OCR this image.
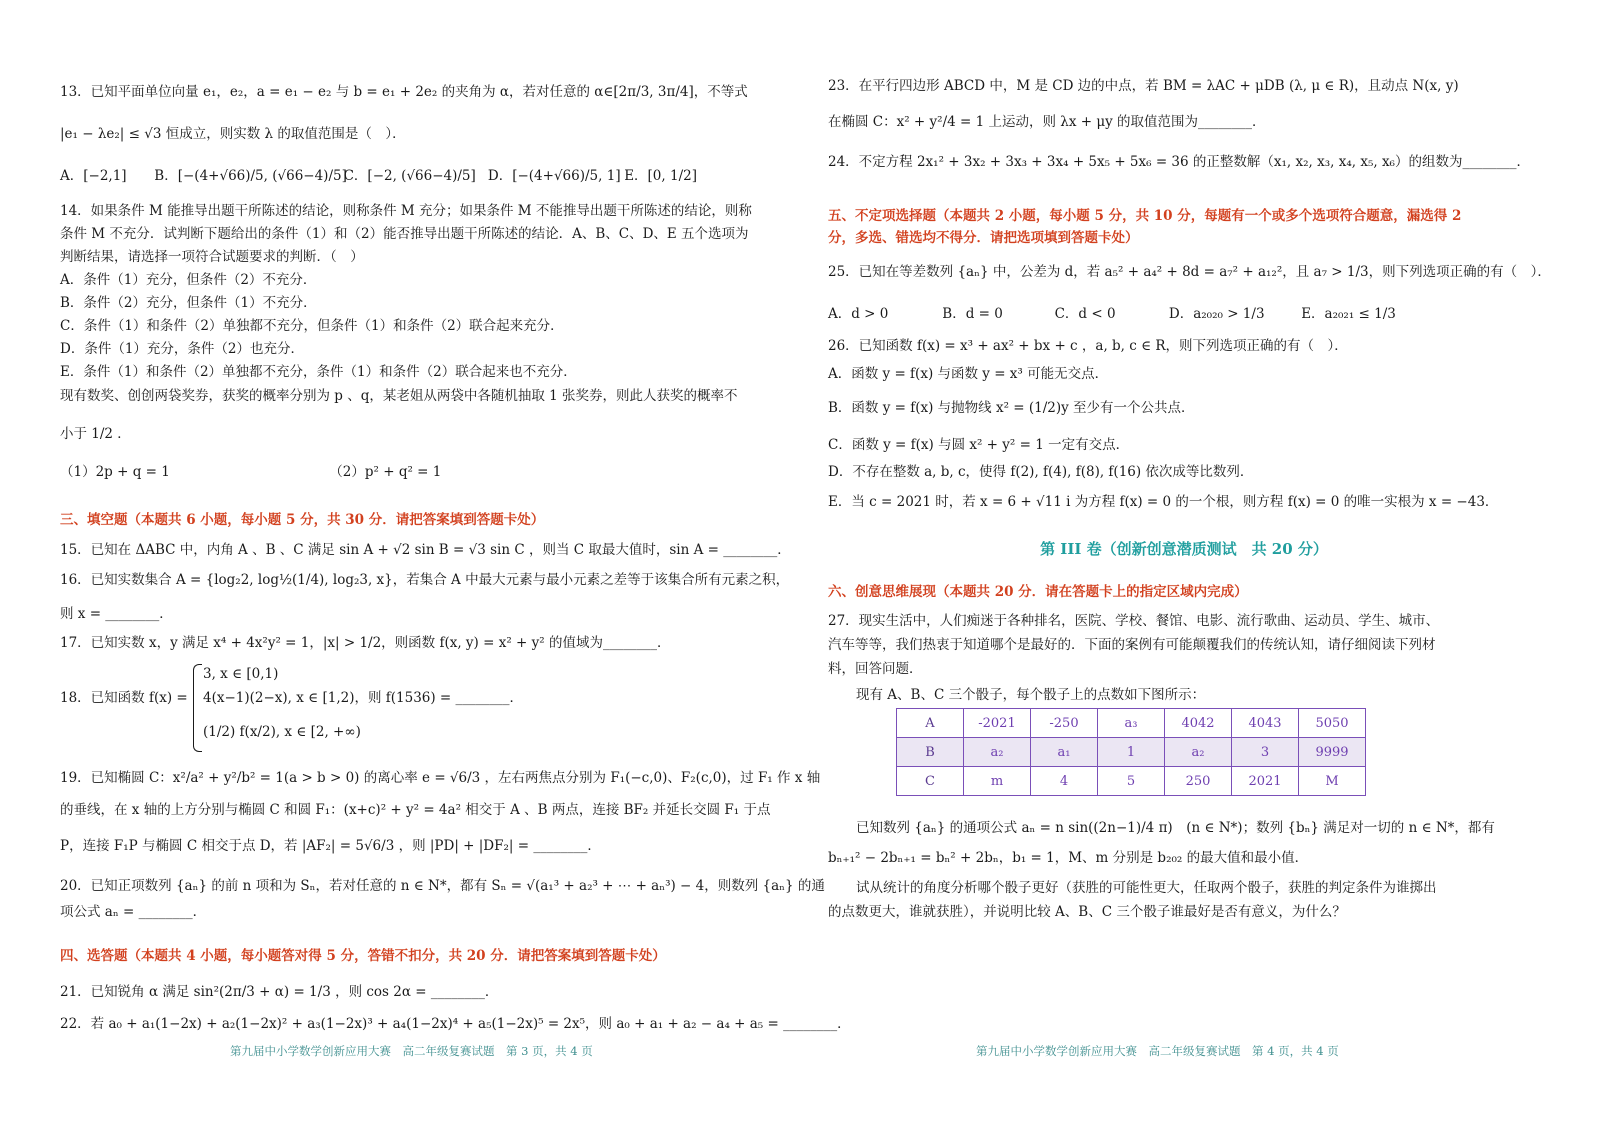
13．已知平面单位向量 e₁，e₂，a = e₁ − e₂ 与 b = e₁ + 2e₂ 的夹角为 α，若对任意的 α∈[2π/3, 3π/4]，不等式
|e₁ − λe₂| ≤ √3 恒成立，则实数 λ 的取值范围是（　）．
A．[−2,1] B．[−(4+√66)/5, (√66−4)/5] C．[−2, (√66−4)/5] D．[−(4+√66)/5, 1] E．[0, 1/2]
14．如果条件 M 能推导出题干所陈述的结论，则称条件 M 充分；如果条件 M 不能推导出题干所陈述的结论，则称
条件 M 不充分．试判断下题给出的条件（1）和（2）能否推导出题干所陈述的结论．A、B、C、D、E 五个选项为
判断结果，请选择一项符合试题要求的判断．（　）
A．条件（1）充分，但条件（2）不充分．
B．条件（2）充分，但条件（1）不充分．
C．条件（1）和条件（2）单独都不充分，但条件（1）和条件（2）联合起来充分．
D．条件（1）充分，条件（2）也充分．
E．条件（1）和条件（2）单独都不充分，条件（1）和条件（2）联合起来也不充分．
现有数奖、创创两袋奖券，获奖的概率分别为 p 、q，某老姐从两袋中各随机抽取 1 张奖券，则此人获奖的概率不
小于 1/2 ．
（1）2p + q = 1	（2）p² + q² = 1
三、填空题（本题共 6 小题，每小题 5 分，共 30 分．请把答案填到答题卡处）
15．已知在 ΔABC 中，内角 A 、B 、C 满足 sin A + √2 sin B = √3 sin C ，则当 C 取最大值时，sin A = ________．
16．已知实数集合 A = {log₂2, log½(1/4), log₂3, x}，若集合 A 中最大元素与最小元素之差等于该集合所有元素之积，
则 x = ________．
17．已知实数 x，y 满足 x⁴ + 4x²y² = 1，|x| > 1/2，则函数 f(x, y) = x² + y² 的值域为________．
18．已知函数 f(x) =
3, x ∈ [0,1)
4(x−1)(2−x), x ∈ [1,2)，则 f(1536) = ________．
(1/2) f(x/2), x ∈ [2, +∞)
19．已知椭圆 C：x²/a² + y²/b² = 1(a > b > 0) 的离心率 e = √6/3 ，左右两焦点分别为 F₁(−c,0)、F₂(c,0)，过 F₁ 作 x 轴
的垂线，在 x 轴的上方分别与椭圆 C 和圆 F₁：(x+c)² + y² = 4a² 相交于 A 、B 两点，连接 BF₂ 并延长交圆 F₁ 于点
P，连接 F₁P 与椭圆 C 相交于点 D，若 |AF₂| = 5√6/3 ，则 |PD| + |DF₂| = ________．
20．已知正项数列 {aₙ} 的前 n 项和为 Sₙ，若对任意的 n ∈ N*，都有 Sₙ = √(a₁³ + a₂³ + ⋯ + aₙ³) − 4，则数列 {aₙ} 的通
项公式 aₙ = ________．
四、选答题（本题共 4 小题，每小题答对得 5 分，答错不扣分，共 20 分．请把答案填到答题卡处）
21．已知锐角 α 满足 sin²(2π/3 + α) = 1/3 ，则 cos 2α = ________．
22．若 a₀ + a₁(1−2x) + a₂(1−2x)² + a₃(1−2x)³ + a₄(1−2x)⁴ + a₅(1−2x)⁵ = 2x⁵，则 a₀ + a₁ + a₂ − a₄ + a₅ = ________．
第九届中小学数学创新应用大赛　高二年级复赛试题　第 3 页，共 4 页
23．在平行四边形 ABCD 中，M 是 CD 边的中点，若 BM = λAC + μDB (λ, μ ∈ R)，且动点 N(x, y)
在椭圆 C：x² + y²/4 = 1 上运动，则 λx + μy 的取值范围为________．
24．不定方程 2x₁² + 3x₂ + 3x₃ + 3x₄ + 5x₅ + 5x₆ = 36 的正整数解（x₁, x₂, x₃, x₄, x₅, x₆）的组数为________．
五、不定项选择题（本题共 2 小题，每小题 5 分，共 10 分，每题有一个或多个选项符合题意，漏选得 2
分，多选、错选均不得分．请把选项填到答题卡处）
25．已知在等差数列 {aₙ} 中，公差为 d，若 a₅² + a₄² + 8d = a₇² + a₁₂²，且 a₇ > 1/3，则下列选项正确的有（　）．
A．d > 0	B．d = 0	C．d < 0	D．a₂₀₂₀ > 1/3	E．a₂₀₂₁ ≤ 1/3
26．已知函数 f(x) = x³ + ax² + bx + c ，a, b, c ∈ R，则下列选项正确的有（　）．
A．函数 y = f(x) 与函数 y = x³ 可能无交点．
B．函数 y = f(x) 与抛物线 x² = (1/2)y 至少有一个公共点．
C．函数 y = f(x) 与圆 x² + y² = 1 一定有交点．
D．不存在整数 a, b, c，使得 f(2), f(4), f(8), f(16) 依次成等比数列．
E．当 c = 2021 时，若 x = 6 + √11 i 为方程 f(x) = 0 的一个根，则方程 f(x) = 0 的唯一实根为 x = −43．
第 III 卷（创新创意潜质测试　共 20 分）
六、创意思维展现（本题共 20 分．请在答题卡上的指定区域内完成）
27．现实生活中，人们痴迷于各种排名，医院、学校、餐馆、电影、流行歌曲、运动员、学生、城市、
汽车等等，我们热衷于知道哪个是最好的．下面的案例有可能颠覆我们的传统认知，请仔细阅读下列材
料，回答问题．
现有 A、B、C 三个骰子，每个骰子上的点数如下图所示：
A	-2021	-250	a₃	4042	4043	5050
B	a₂	a₁	1	a₂	3	9999
C	m	4	5	250	2021	M
已知数列 {aₙ} 的通项公式 aₙ = n sin((2n−1)/4 π)　(n ∈ N*)；数列 {bₙ} 满足对一切的 n ∈ N*，都有
bₙ₊₁² − 2bₙ₊₁ = bₙ² + 2bₙ，b₁ = 1，M、m 分别是 b₂₀₂ 的最大值和最小值．
试从统计的角度分析哪个骰子更好（获胜的可能性更大，任取两个骰子，获胜的判定条件为谁掷出
的点数更大，谁就获胜），并说明比较 A、B、C 三个骰子谁最好是否有意义，为什么？
第九届中小学数学创新应用大赛　高二年级复赛试题　第 4 页，共 4 页
